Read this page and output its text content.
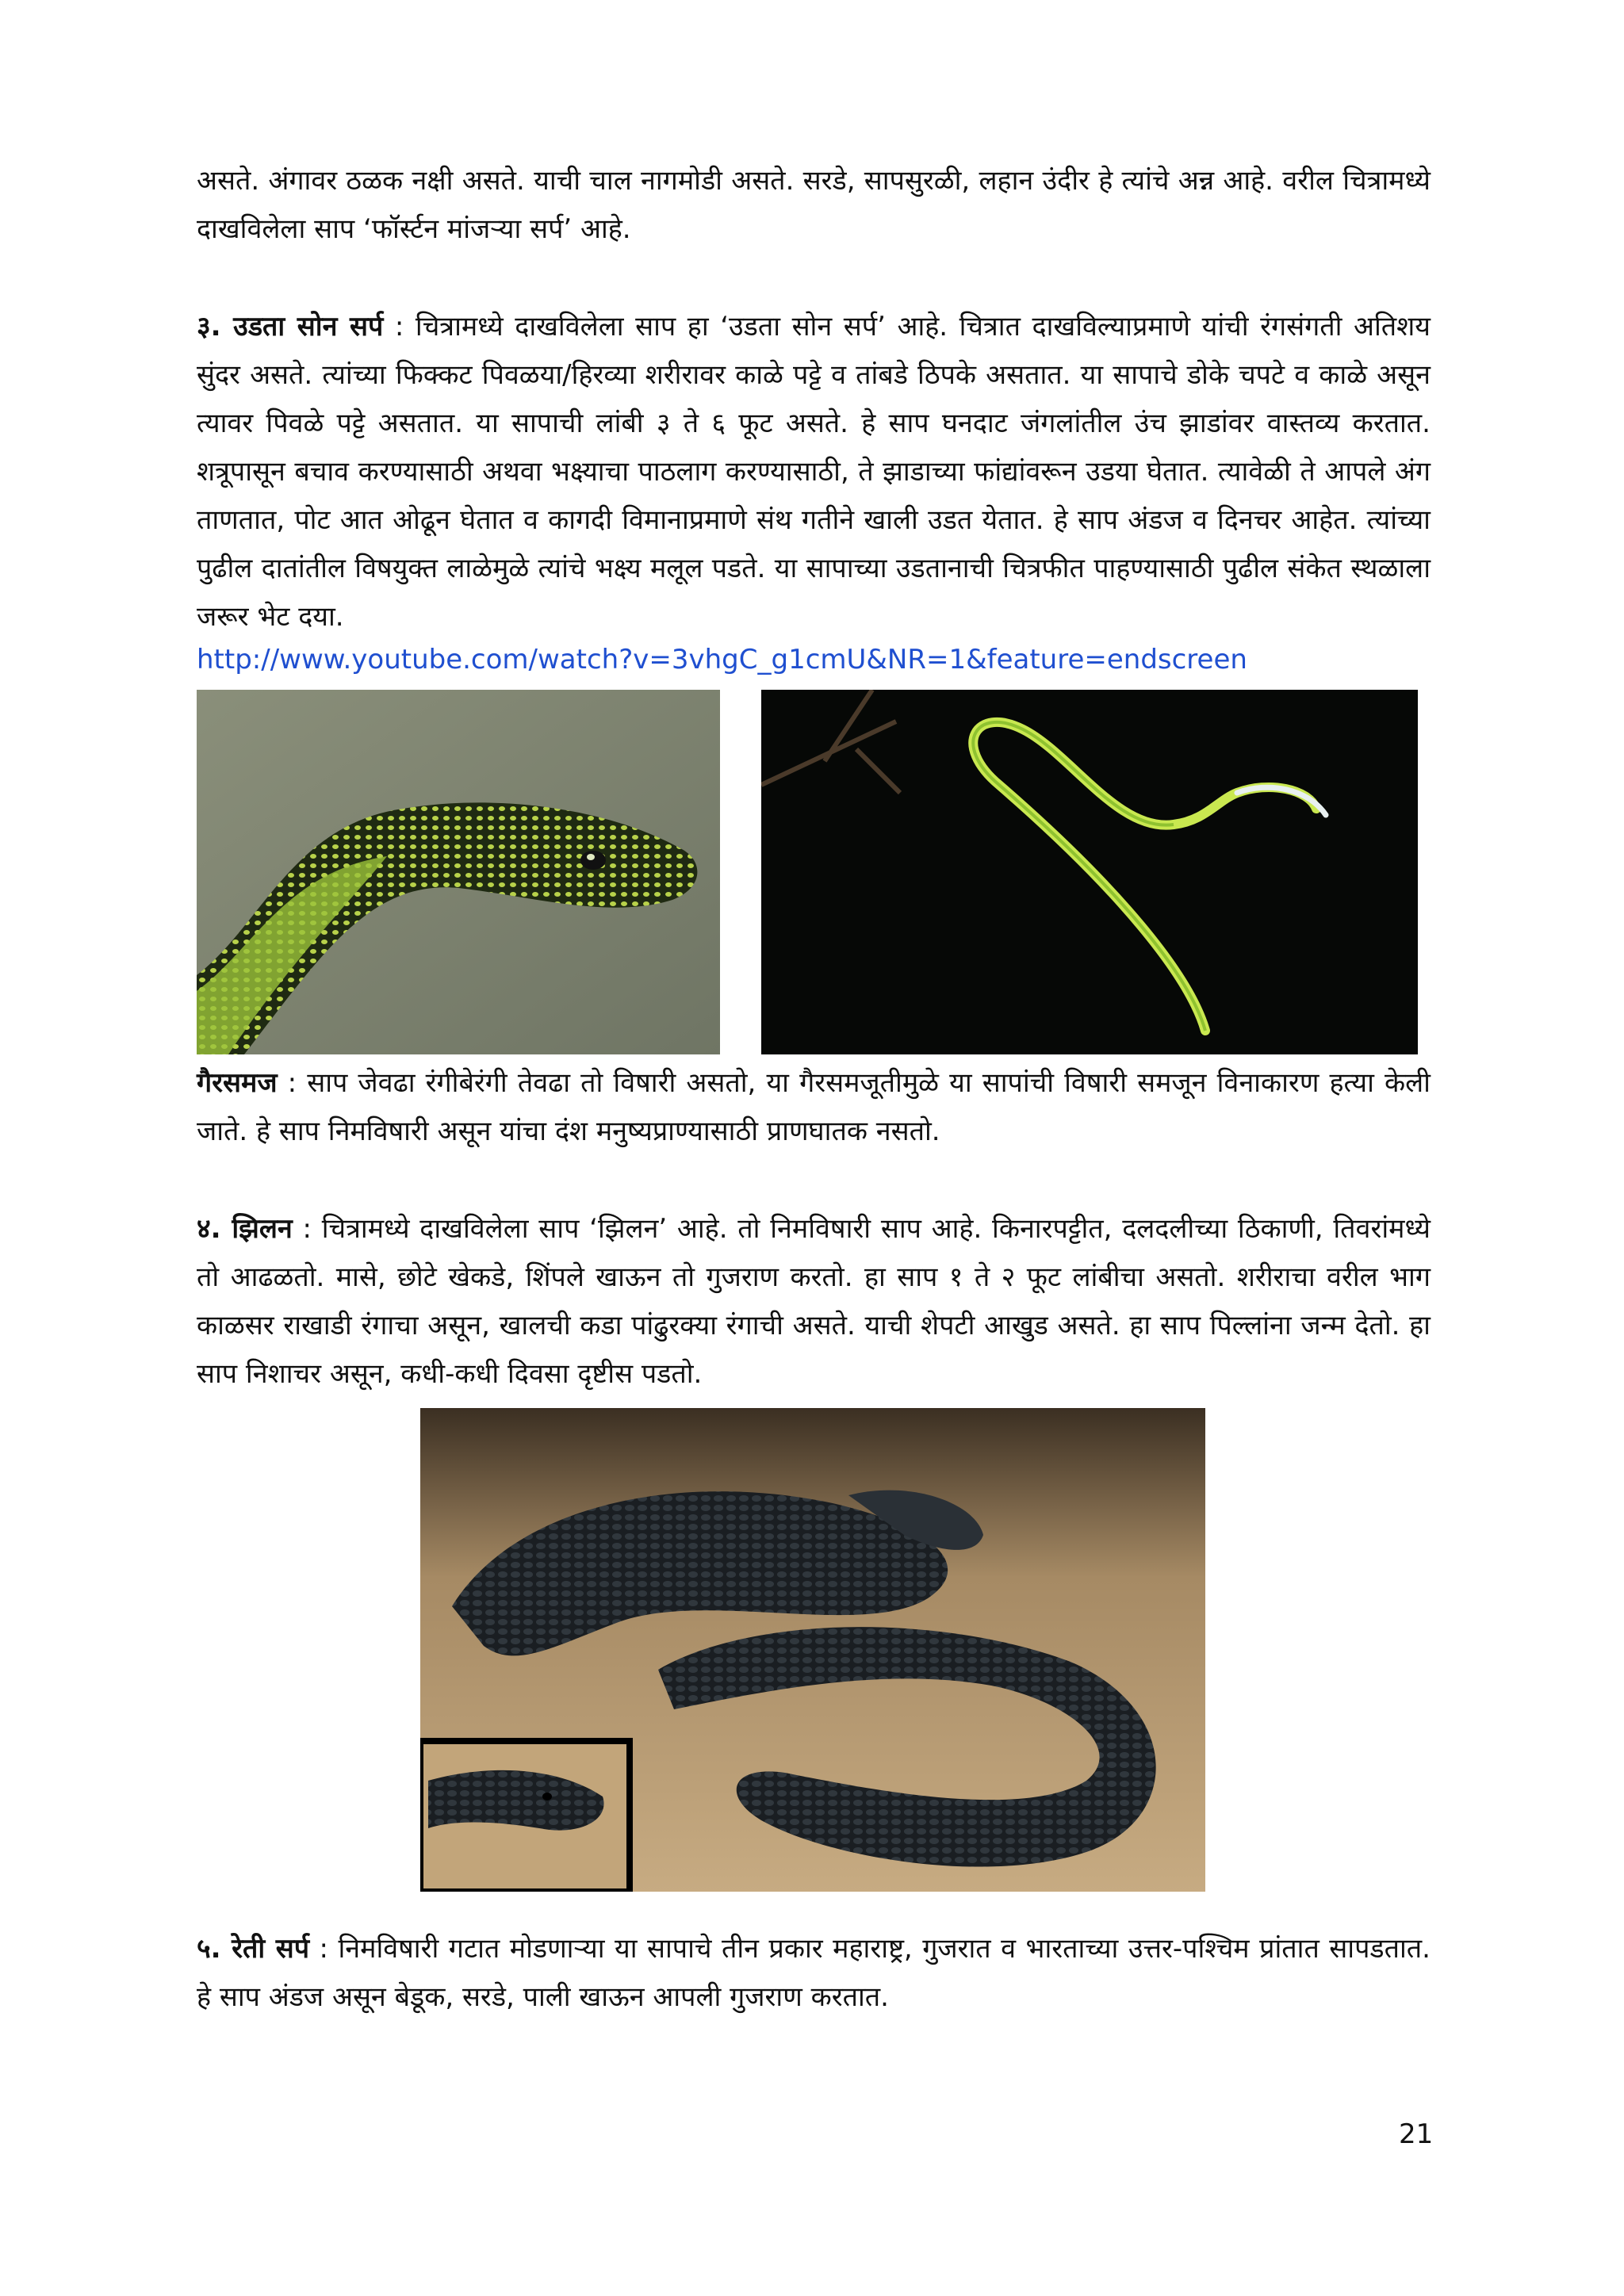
असते. अंगावर ठळक नक्षी असते. याची चाल नागमोडी असते. सरडे, सापसुरळी, लहान उंदीर हे त्यांचे अन्न आहे. वरील चित्रामध्ये दाखविलेला साप ‘फॉर्स्टन मांजऱ्या सर्प’ आहे.

३. उडता सोन सर्प : चित्रामध्ये दाखविलेला साप हा ‘उडता सोन सर्प’ आहे. चित्रात दाखविल्याप्रमाणे यांची रंगसंगती अतिशय सुंदर असते. त्यांच्या फिक्कट पिवळया/हिरव्या शरीरावर काळे पट्टे व तांबडे ठिपके असतात. या सापाचे डोके चपटे व काळे असून त्यावर पिवळे पट्टे असतात. या सापाची लांबी ३ ते ६ फूट असते. हे साप घनदाट जंगलांतील उंच झाडांवर वास्तव्य करतात. शत्रूपासून बचाव करण्यासाठी अथवा भक्ष्याचा पाठलाग करण्यासाठी, ते झाडाच्या फांद्यांवरून उडया घेतात. त्यावेळी ते आपले अंग ताणतात, पोट आत ओढून घेतात व कागदी विमानाप्रमाणे संथ गतीने खाली उडत येतात. हे साप अंडज व दिनचर आहेत. त्यांच्या पुढील दातांतील विषयुक्त लाळेमुळे त्यांचे भक्ष्य मलूल पडते. या सापाच्या उडतानाची चित्रफीत पाहण्यासाठी पुढील संकेत स्थळाला जरूर भेट दया.

http://www.youtube.com/watch?v=3vhgC_g1cmU&NR=1&feature=endscreen

गैरसमज : साप जेवढा रंगीबेरंगी तेवढा तो विषारी असतो, या गैरसमजूतीमुळे या सापांची विषारी समजून विनाकारण हत्या केली जाते. हे साप निमविषारी असून यांचा दंश मनुष्यप्राण्यासाठी प्राणघातक नसतो.

४. झिलन : चित्रामध्ये दाखविलेला साप ‘झिलन’ आहे. तो निमविषारी साप आहे. किनारपट्टीत, दलदलीच्या ठिकाणी, तिवरांमध्ये तो आढळतो. मासे, छोटे खेकडे, शिंपले खाऊन तो गुजराण करतो. हा साप १ ते २ फूट लांबीचा असतो. शरीराचा वरील भाग काळसर राखाडी रंगाचा असून, खालची कडा पांढुरक्या रंगाची असते. याची शेपटी आखुड असते. हा साप पिल्लांना जन्म देतो. हा साप निशाचर असून, कधी-कधी दिवसा दृष्टीस पडतो.

५. रेती सर्प : निमविषारी गटात मोडणाऱ्या या सापाचे तीन प्रकार महाराष्ट्र, गुजरात व भारताच्या उत्तर-पश्चिम प्रांतात सापडतात. हे साप अंडज असून बेडूक, सरडे, पाली खाऊन आपली गुजराण करतात.

21
